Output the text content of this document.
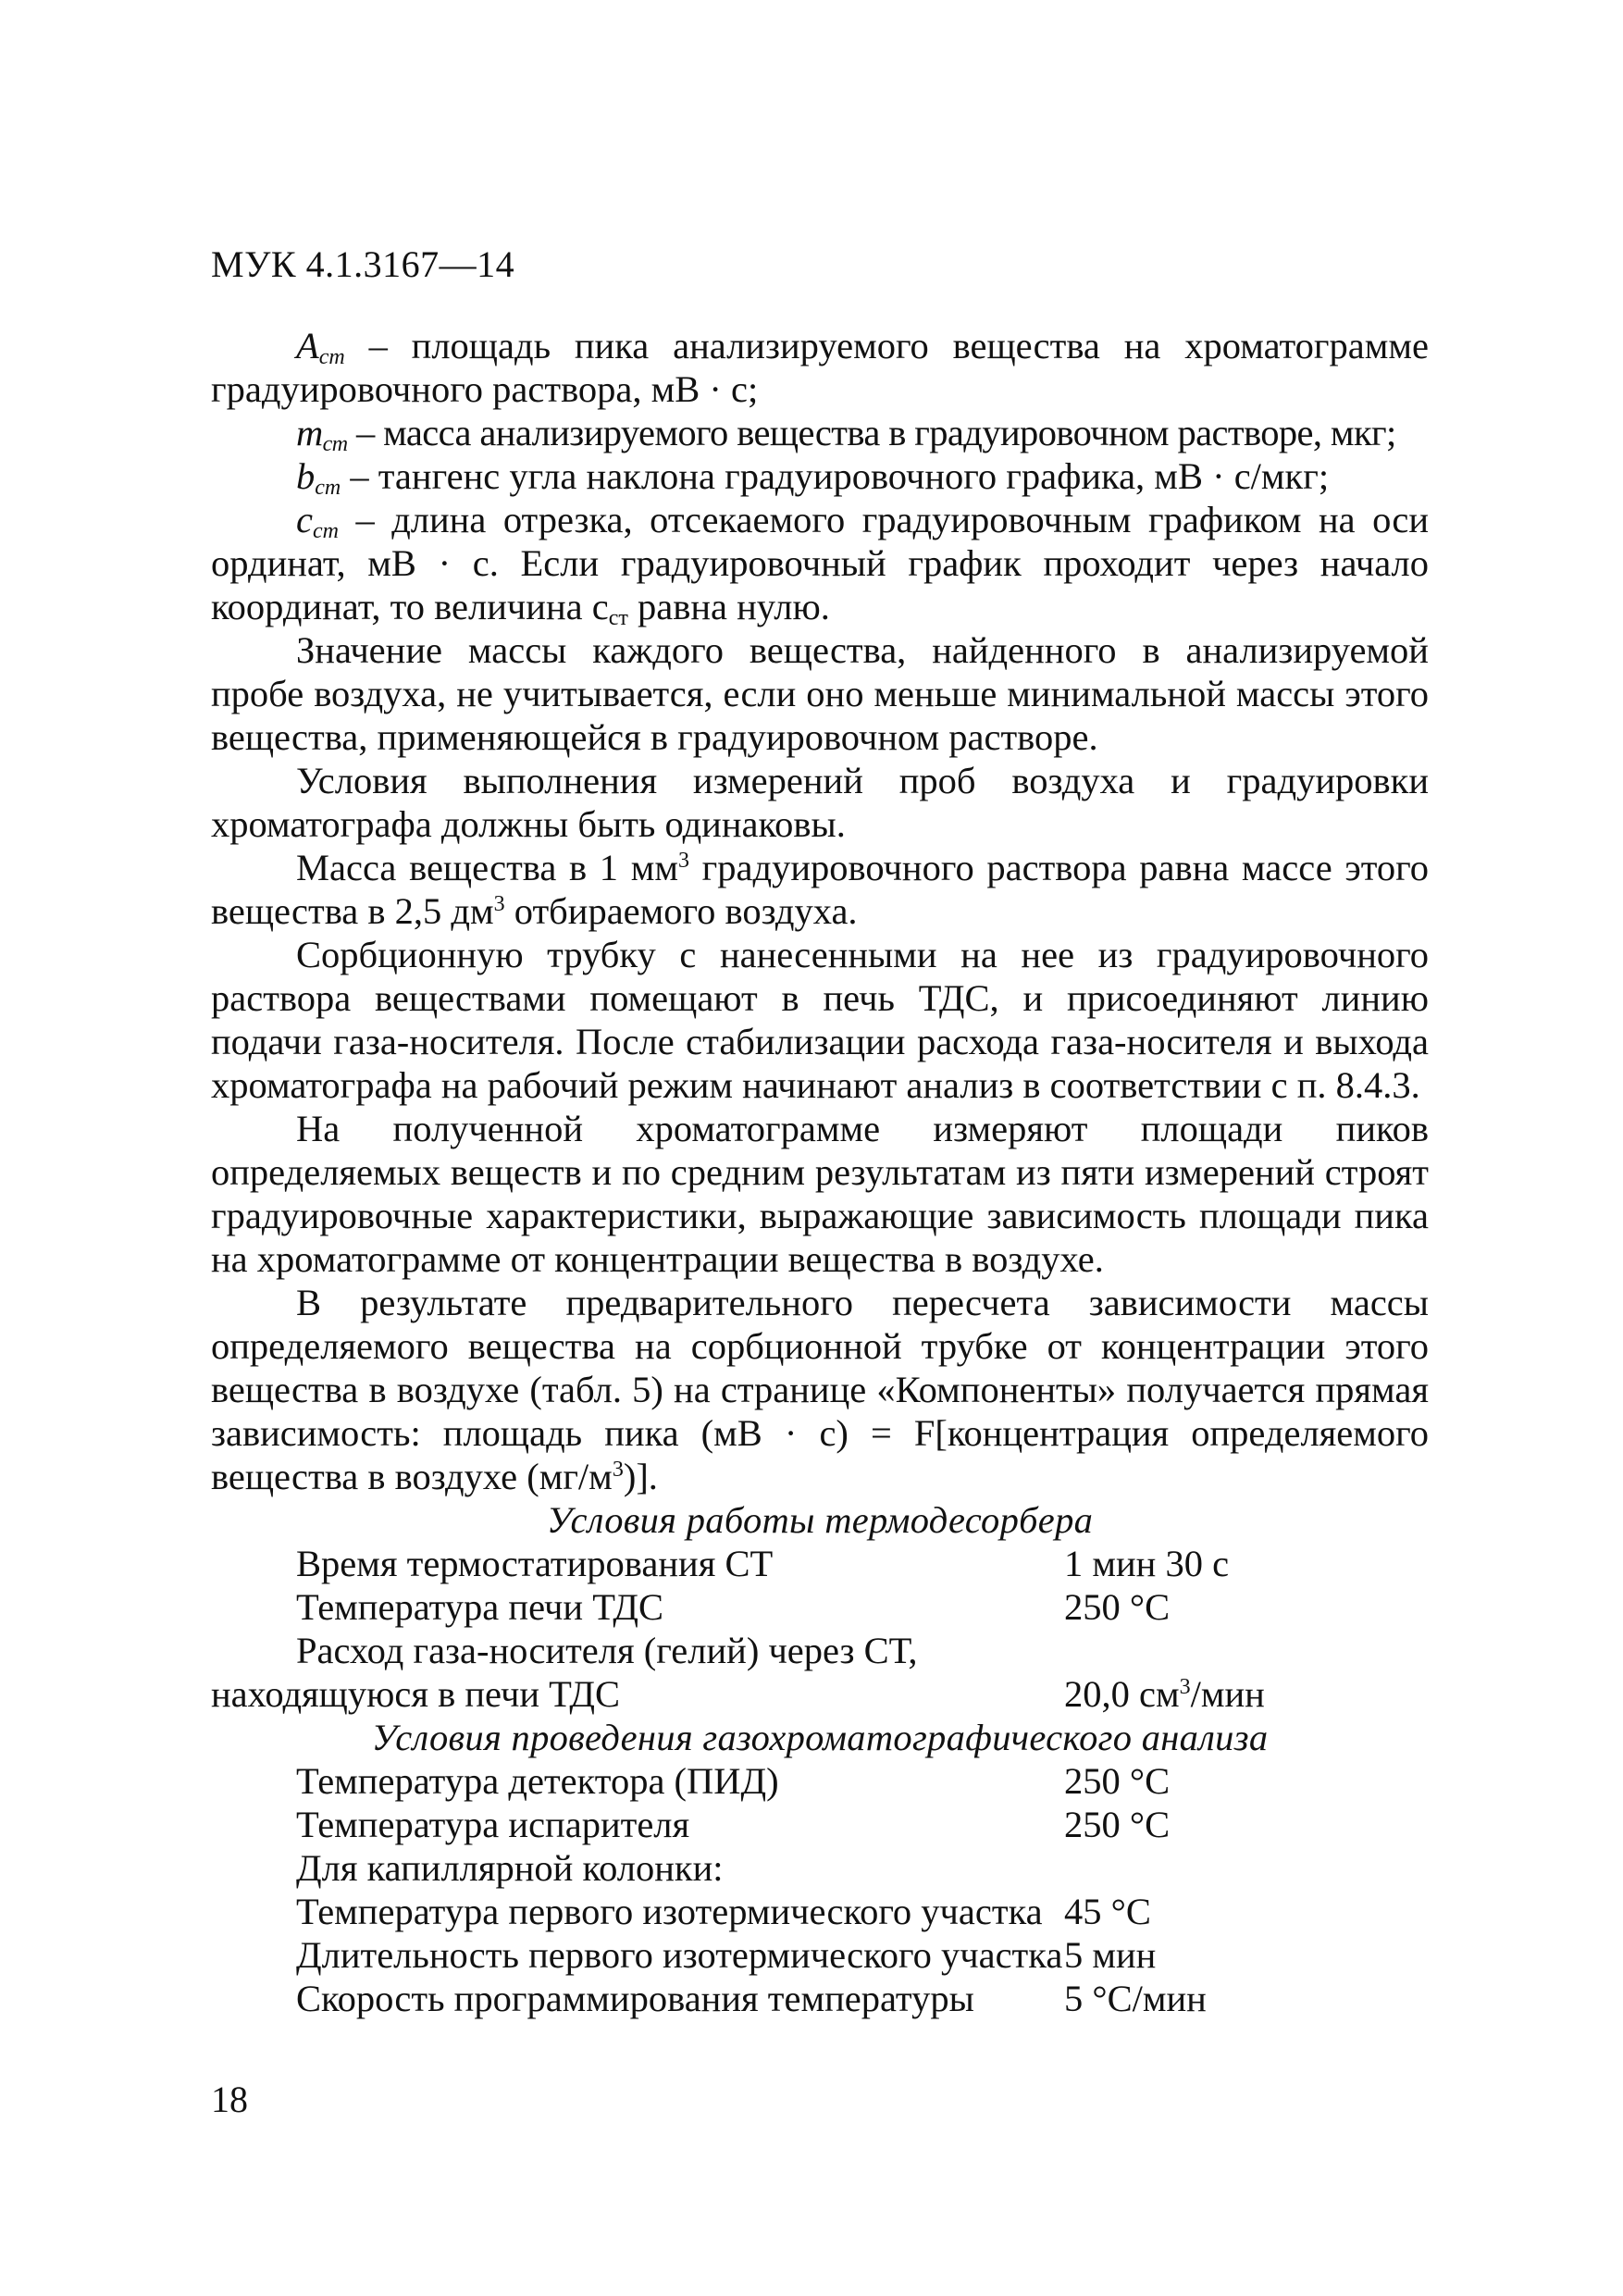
МУК 4.1.3167—14

$A_{ст}$ – площадь пика анализируемого вещества на хроматограмме градуировочного раствора, мВ · с;

$m_{ст}$ – масса анализируемого вещества в градуировочном растворе, мкг;

$b_{ст}$ – тангенс угла наклона градуировочного графика, мВ · с/мкг;

$c_{ст}$ – длина отрезка, отсекаемого градуировочным графиком на оси ординат, мВ · с. Если градуировочный график проходит через начало координат, то величина $с_{ст}$ равна нулю.

Значение массы каждого вещества, найденного в анализируемой пробе воздуха, не учитывается, если оно меньше минимальной массы этого вещества, применяющейся в градуировочном растворе.

Условия выполнения измерений проб воздуха и градуировки хроматографа должны быть одинаковы.

Масса вещества в 1 $мм^3$ градуировочного раствора равна массе этого вещества в 2,5 $дм^3$ отбираемого воздуха.

Сорбционную трубку с нанесенными на нее из градуировочного раствора веществами помещают в печь ТДС, и присоединяют линию подачи газа-носителя. После стабилизации расхода газа-носителя и выхода хроматографа на рабочий режим начинают анализ в соответствии с п. 8.4.3.

На полученной хроматограмме измеряют площади пиков определяемых веществ и по средним результатам из пяти измерений строят градуировочные характеристики, выражающие зависимость площади пика на хроматограмме от концентрации вещества в воздухе.

В результате предварительного пересчета зависимости массы определяемого вещества на сорбционной трубке от концентрации этого вещества в воздухе (табл. 5) на странице «Компоненты» получается прямая зависимость: площадь пика (мВ · с) = F[концентрация определяемого вещества в воздухе $(мг/м^3)$].

Условия работы термодесорбера

Время термостатирования СТ	1 мин 30 с
Температура печи ТДС	250 °С
Расход газа-носителя (гелий) через СТ,
находящуюся в печи ТДС	20,0 $см^3$/мин

Условия проведения газохроматографического анализа

Температура детектора (ПИД)	250 °С
Температура испарителя	250 °С
Для капиллярной колонки:
Температура первого изотермического участка 45 °С
Длительность первого изотермического участка 5 мин
Скорость программирования температуры	5 °С/мин
18
